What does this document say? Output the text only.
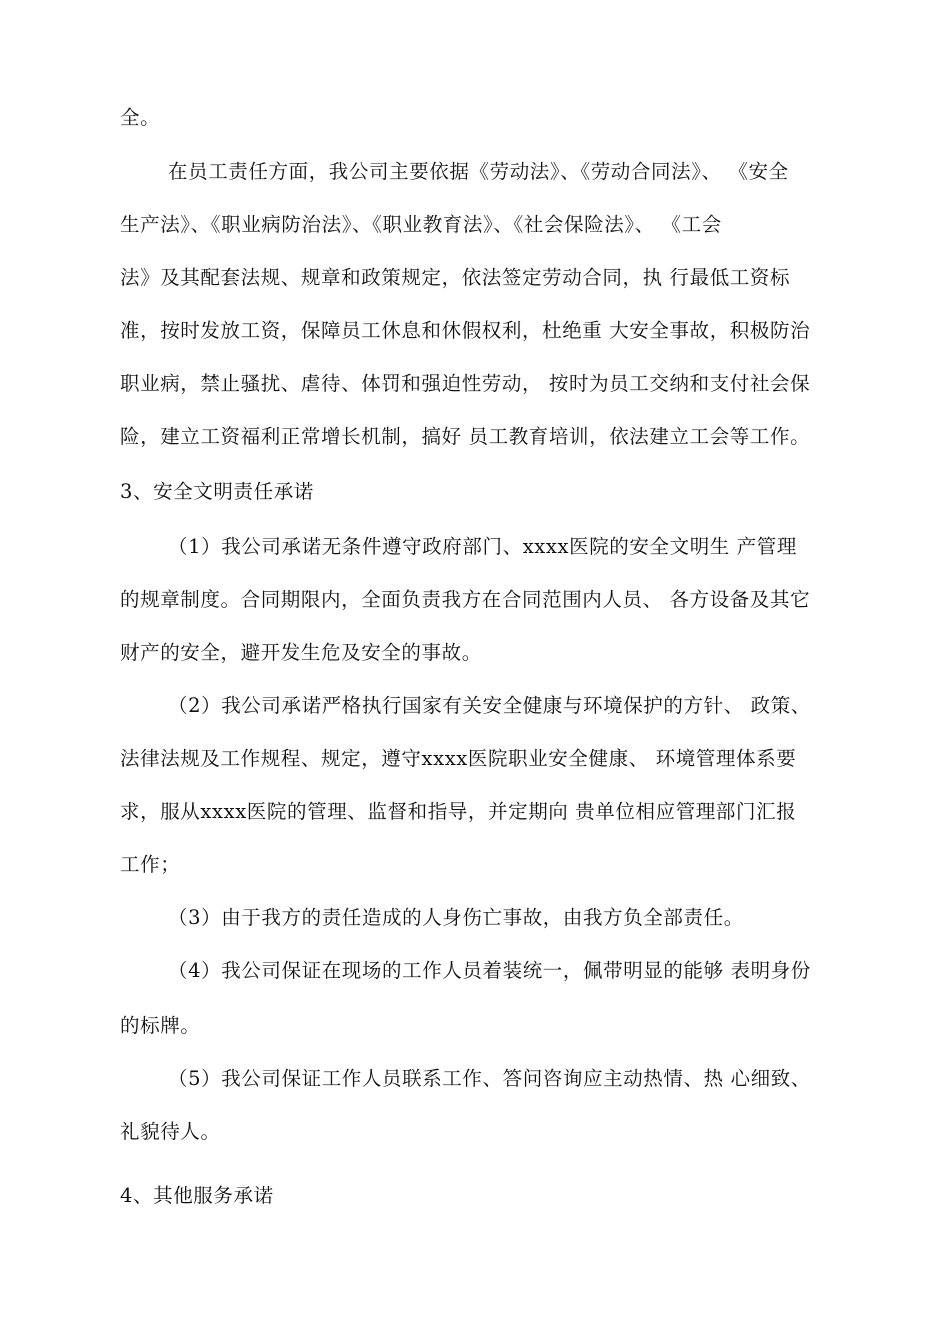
全。
在员工责任方面，我公司主要依据《劳动法》、《劳动合同法》、 《安全
生产法》、《职业病防治法》、《职业教育法》、《社会保险法》、 《工会
法》及其配套法规、规章和政策规定，依法签定劳动合同，执 行最低工资标
准，按时发放工资，保障员工休息和休假权利，杜绝重 大安全事故，积极防治
职业病，禁止骚扰、虐待、体罚和强迫性劳动， 按时为员工交纳和支付社会保
险，建立工资福利正常增长机制，搞好 员工教育培训，依法建立工会等工作。
3、安全文明责任承诺
（1）我公司承诺无条件遵守政府部门、xxxx医院的安全文明生 产管理
的规章制度。合同期限内，全面负责我方在合同范围内人员、 各方设备及其它
财产的安全，避开发生危及安全的事故。
（2）我公司承诺严格执行国家有关安全健康与环境保护的方针、 政策、
法律法规及工作规程、规定，遵守xxxx医院职业安全健康、 环境管理体系要
求，服从xxxx医院的管理、监督和指导，并定期向 贵单位相应管理部门汇报
工作；
（3）由于我方的责任造成的人身伤亡事故，由我方负全部责任。
（4）我公司保证在现场的工作人员着装统一，佩带明显的能够 表明身份
的标牌。
（5）我公司保证工作人员联系工作、答问咨询应主动热情、热 心细致、
礼貌待人。
4、其他服务承诺
